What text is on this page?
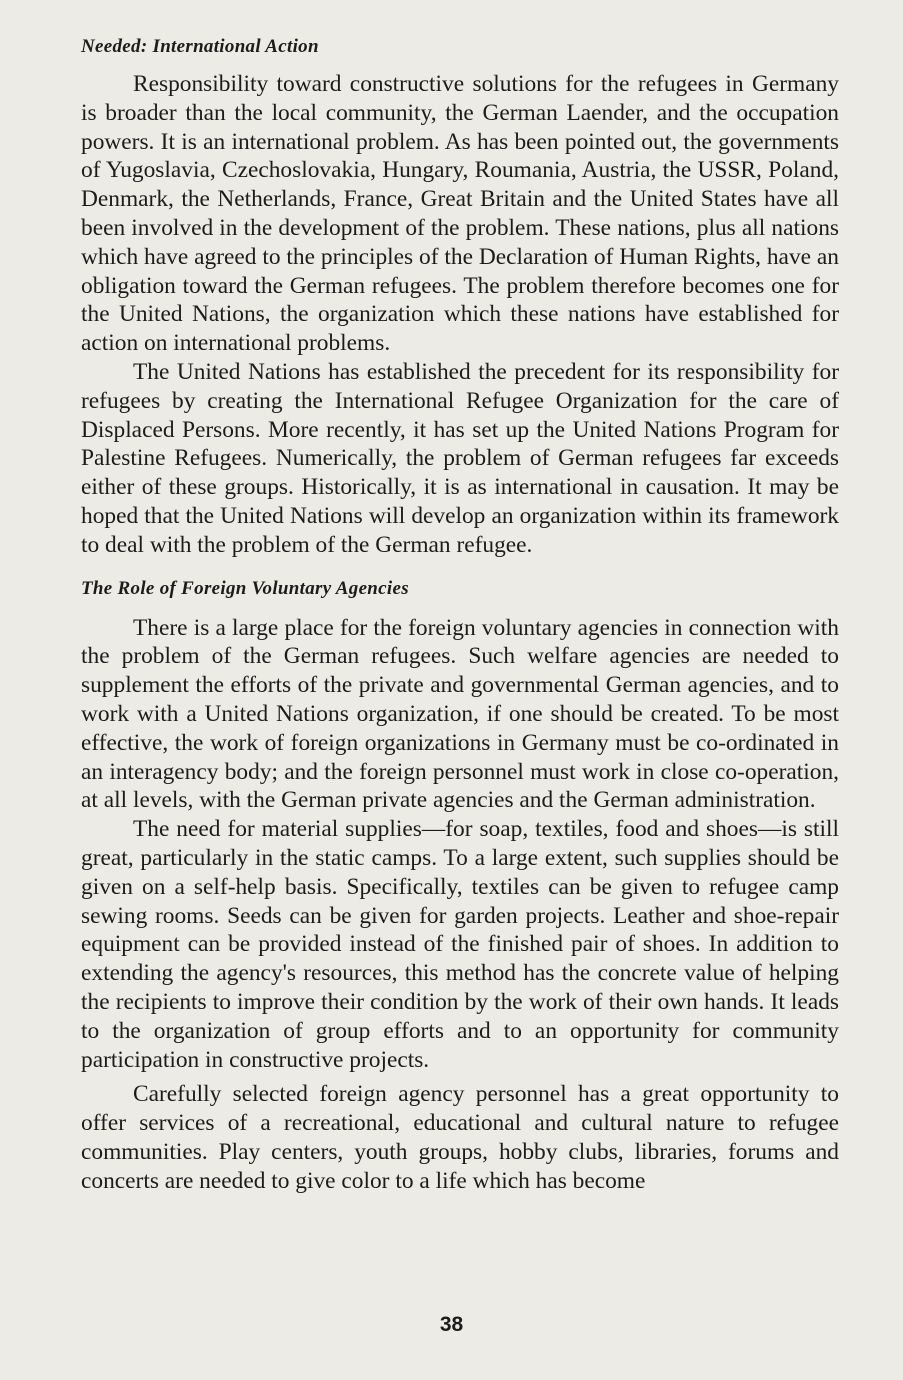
Needed: International Action

Responsibility toward constructive solutions for the refugees in Germany is broader than the local community, the German Laender, and the occupation powers. It is an international problem. As has been pointed out, the governments of Yugoslavia, Czechoslovakia, Hungary, Roumania, Austria, the USSR, Poland, Denmark, the Netherlands, France, Great Britain and the United States have all been involved in the development of the problem. These nations, plus all nations which have agreed to the principles of the Declaration of Human Rights, have an obligation toward the German refugees. The problem therefore becomes one for the United Nations, the organization which these nations have established for action on international problems.

The United Nations has established the precedent for its responsibility for refugees by creating the International Refugee Organization for the care of Displaced Persons. More recently, it has set up the United Nations Program for Palestine Refugees. Numerically, the problem of German refugees far exceeds either of these groups. Historically, it is as international in causation. It may be hoped that the United Nations will develop an organization within its framework to deal with the problem of the German refugee.

The Role of Foreign Voluntary Agencies

There is a large place for the foreign voluntary agencies in connection with the problem of the German refugees. Such welfare agencies are needed to supplement the efforts of the private and governmental German agencies, and to work with a United Nations organization, if one should be created. To be most effective, the work of foreign organizations in Germany must be co-ordinated in an interagency body; and the foreign personnel must work in close co-operation, at all levels, with the German private agencies and the German administration.

The need for material supplies—for soap, textiles, food and shoes—is still great, particularly in the static camps. To a large extent, such supplies should be given on a self-help basis. Specifically, textiles can be given to refugee camp sewing rooms. Seeds can be given for garden projects. Leather and shoe-repair equipment can be provided instead of the finished pair of shoes. In addition to extending the agency's resources, this method has the concrete value of helping the recipients to improve their condition by the work of their own hands. It leads to the organization of group efforts and to an opportunity for community participation in constructive projects.

Carefully selected foreign agency personnel has a great opportunity to offer services of a recreational, educational and cultural nature to refugee communities. Play centers, youth groups, hobby clubs, libraries, forums and concerts are needed to give color to a life which has become

38
